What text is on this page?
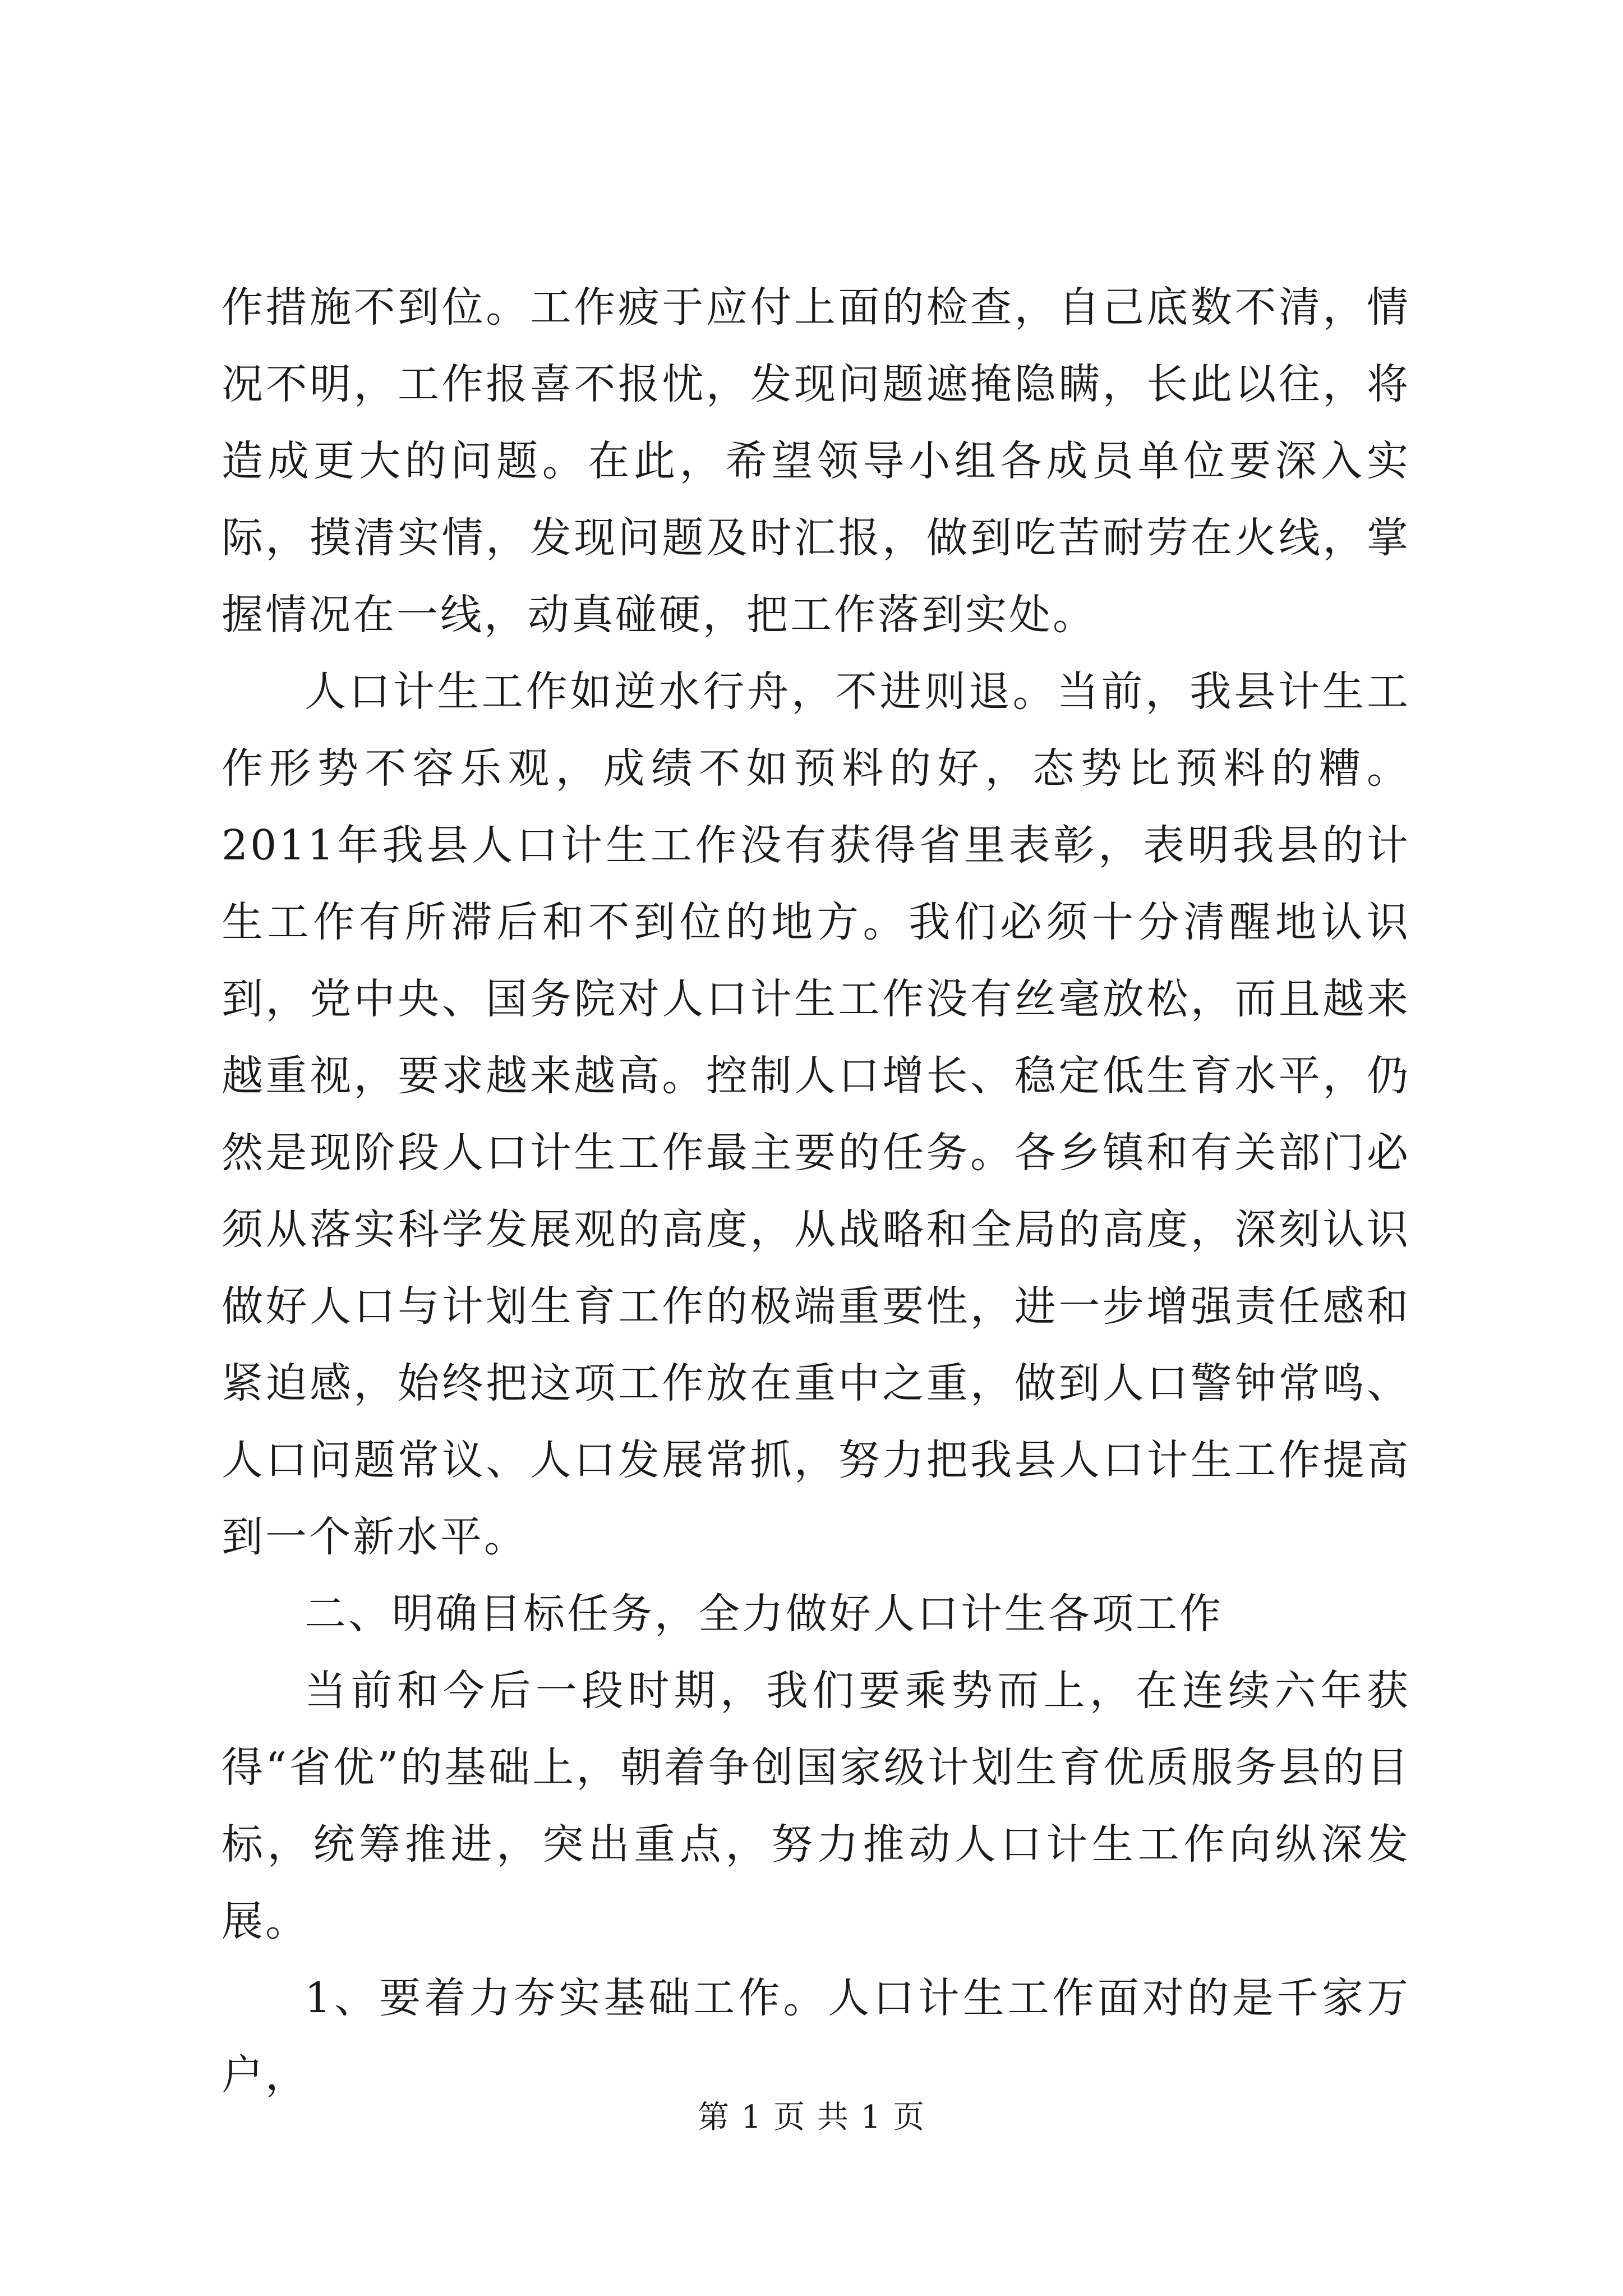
作措施不到位。工作疲于应付上面的检查，自己底数不清，情况不明，工作报喜不报忧，发现问题遮掩隐瞒，长此以往，将造成更大的问题。在此，希望领导小组各成员单位要深入实际，摸清实情，发现问题及时汇报，做到吃苦耐劳在火线，掌握情况在一线，动真碰硬，把工作落到实处。

人口计生工作如逆水行舟，不进则退。当前，我县计生工作形势不容乐观，成绩不如预料的好，态势比预料的糟。2011年我县人口计生工作没有获得省里表彰，表明我县的计生工作有所滞后和不到位的地方。我们必须十分清醒地认识到，党中央、国务院对人口计生工作没有丝毫放松，而且越来越重视，要求越来越高。控制人口增长、稳定低生育水平，仍然是现阶段人口计生工作最主要的任务。各乡镇和有关部门必须从落实科学发展观的高度，从战略和全局的高度，深刻认识做好人口与计划生育工作的极端重要性，进一步增强责任感和紧迫感，始终把这项工作放在重中之重，做到人口警钟常鸣、人口问题常议、人口发展常抓，努力把我县人口计生工作提高到一个新水平。

二、明确目标任务，全力做好人口计生各项工作

当前和今后一段时期，我们要乘势而上，在连续六年获得“省优”的基础上，朝着争创国家级计划生育优质服务县的目标，统筹推进，突出重点，努力推动人口计生工作向纵深发展。

1、要着力夯实基础工作。人口计生工作面对的是千家万户，

第 1 页 共 1 页
